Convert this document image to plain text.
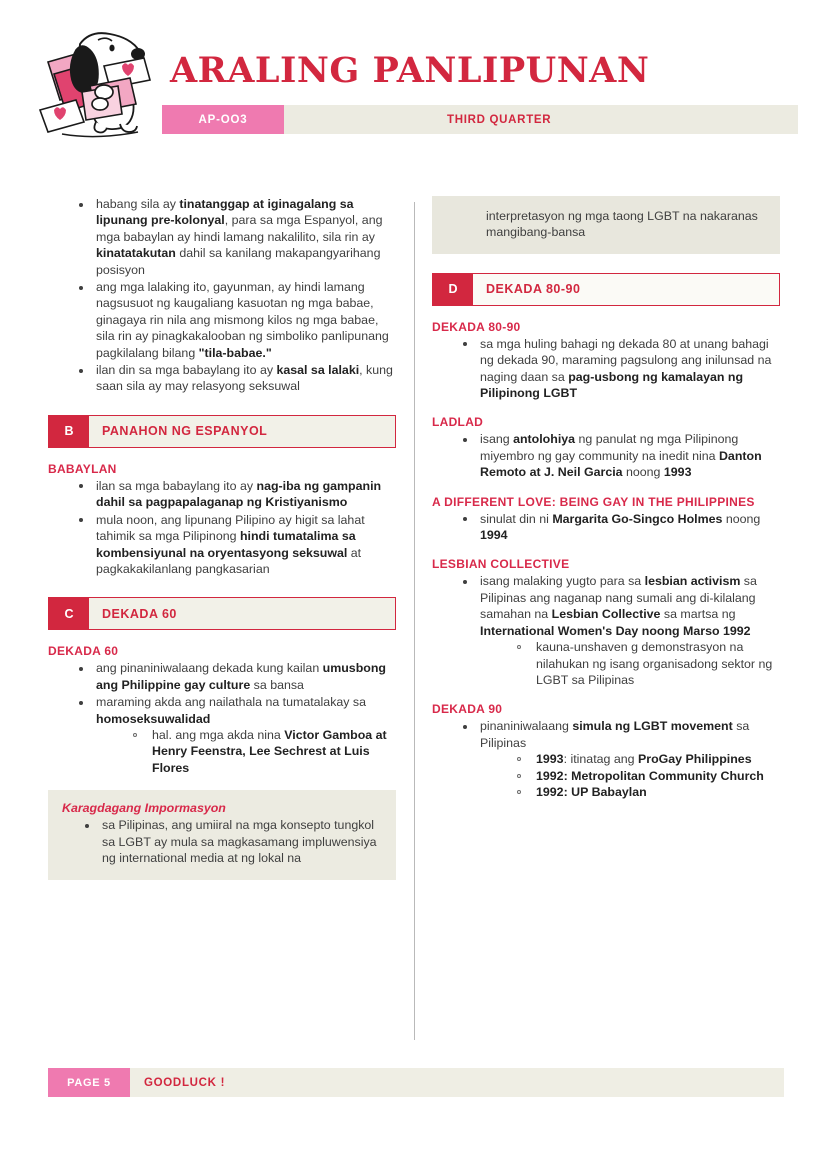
ARALING PANLIPUNAN
AP-OO3	THIRD QUARTER
habang sila ay tinatanggap at iginagalang sa lipunang pre-kolonyal, para sa mga Espanyol, ang mga babaylan ay hindi lamang nakalilito, sila rin ay kinatatakutan dahil sa kanilang makapangyarihang posisyon
ang mga lalaking ito, gayunman, ay hindi lamang nagsusuot ng kaugaliang kasuotan ng mga babae, ginagaya rin nila ang mismong kilos ng mga babae, sila rin ay pinagkakalooban ng simboliko panlipunang pagkilalang bilang "tila-babae."
ilan din sa mga babaylang ito ay kasal sa lalaki, kung saan sila ay may relasyong seksuwal
B	PANAHON NG ESPANYOL
BABAYLAN
ilan sa mga babaylang ito ay nag-iba ng gampanin dahil sa pagpapalaganap ng Kristiyanismo
mula noon, ang lipunang Pilipino ay higit sa lahat tahimik sa mga Pilipinong hindi tumatalima sa kombensiyunal na oryentasyong seksuwal at pagkakakilanlang pangkasarian
C	DEKADA 60
DEKADA 60
ang pinaniniwalaang dekada kung kailan umusbong ang Philippine gay culture sa bansa
maraming akda ang nailathala na tumatalakay sa homoseksuwalidad
hal. ang mga akda nina Victor Gamboa at Henry Feenstra, Lee Sechrest at Luis Flores
Karagdagang Impormasyon
sa Pilipinas, ang umiiral na mga konsepto tungkol sa LGBT ay mula sa magkasamang impluwensiya ng international media at ng lokal na

interpretasyon ng mga taong LGBT na nakaranas mangibang-bansa

D	DEKADA 80-90
DEKADA 80-90
sa mga huling bahagi ng dekada 80 at unang bahagi ng dekada 90, maraming pagsulong ang inilunsad na naging daan sa pag-usbong ng kamalayan ng Pilipinong LGBT
LADLAD
isang antolohiya ng panulat ng mga Pilipinong miyembro ng gay community na inedit nina Danton Remoto at J. Neil Garcia noong 1993
A DIFFERENT LOVE: BEING GAY IN THE PHILIPPINES
sinulat din ni Margarita Go-Singco Holmes noong 1994
LESBIAN COLLECTIVE
isang malaking yugto para sa lesbian activism sa Pilipinas ang naganap nang sumali ang di-kilalang samahan na Lesbian Collective sa martsa ng International Women's Day noong Marso 1992
kauna-unshaven g demonstrasyon na nilahukan ng isang organisadong sektor ng LGBT sa Pilipinas
DEKADA 90
pinaniniwalaang simula ng LGBT movement sa Pilipinas
1993: itinatag ang ProGay Philippines
1992: Metropolitan Community Church
1992: UP Babaylan
PAGE 5	GOODLUCK !
